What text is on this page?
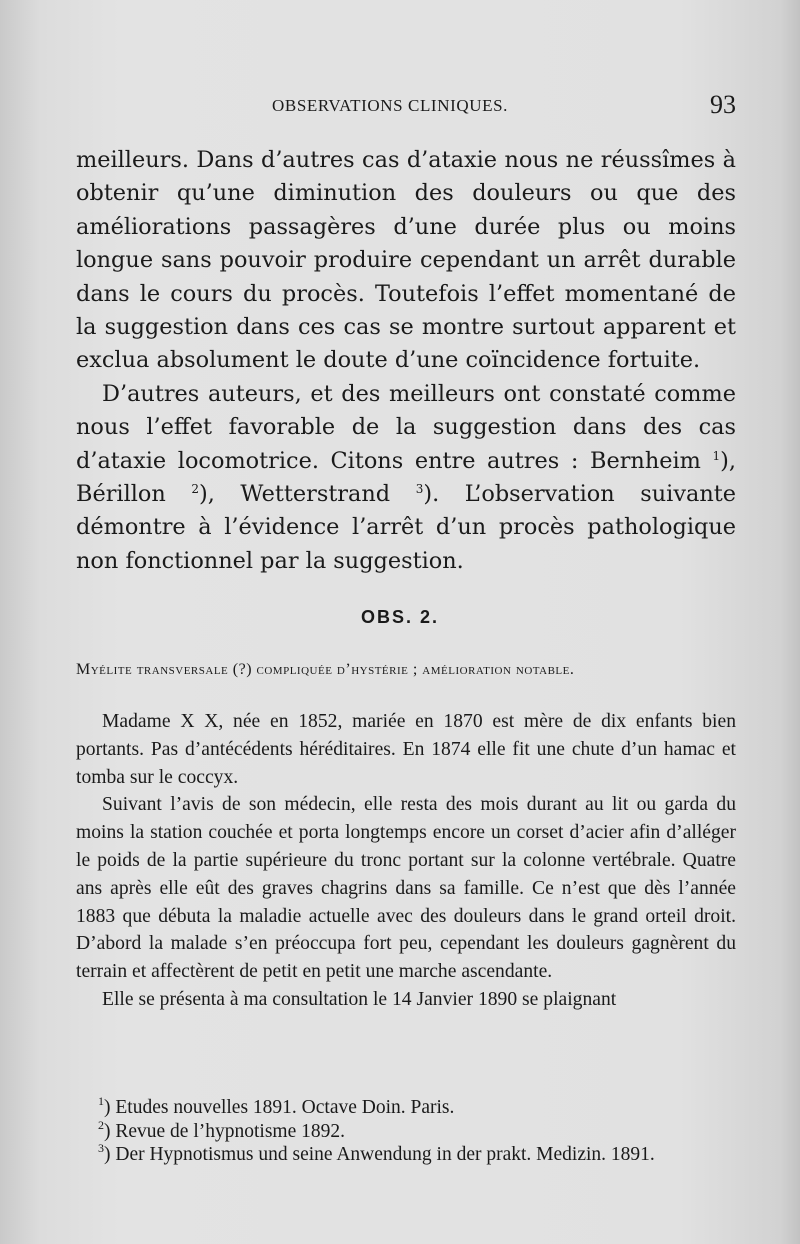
OBSERVATIONS CLINIQUES.	93

meilleurs. Dans d’autres cas d’ataxie nous ne réussîmes à obtenir qu’une diminution des douleurs ou que des améliorations passagères d’une durée plus ou moins longue sans pouvoir produire cependant un arrêt durable dans le cours du procès. Toutefois l’effet momentané de la suggestion dans ces cas se montre surtout apparent et exclua absolument le doute d’une coïncidence fortuite.

D’autres auteurs, et des meilleurs ont constaté comme nous l’effet favorable de la suggestion dans des cas d’ataxie locomotrice. Citons entre autres : Bernheim $^1$), Bérillon $^2$), Wetterstrand $^3$). L’observation suivante démontre à l’évidence l’arrêt d’un procès pathologique non fonctionnel par la suggestion.

OBS. 2.
Myélite transversale (?) compliquée d’hystérie ; amélioration notable.

Madame X X, née en 1852, mariée en 1870 est mère de dix enfants bien portants. Pas d’antécédents héréditaires. En 1874 elle fit une chute d’un hamac et tomba sur le coccyx.

Suivant l’avis de son médecin, elle resta des mois durant au lit ou garda du moins la station couchée et porta longtemps encore un corset d’acier afin d’alléger le poids de la partie supérieure du tronc portant sur la colonne vertébrale. Quatre ans après elle eût des graves chagrins dans sa famille. Ce n’est que dès l’année 1883 que débuta la maladie actuelle avec des douleurs dans le grand orteil droit. D’abord la malade s’en préoccupa fort peu, cependant les douleurs gagnèrent du terrain et affectèrent de petit en petit une marche ascendante.

Elle se présenta à ma consultation le 14 Janvier 1890 se plaignant

$^1$) Etudes nouvelles 1891. Octave Doin. Paris.

$^2$) Revue de l’hypnotisme 1892.

$^3$) Der Hypnotismus und seine Anwendung in der prakt. Medizin. 1891.
